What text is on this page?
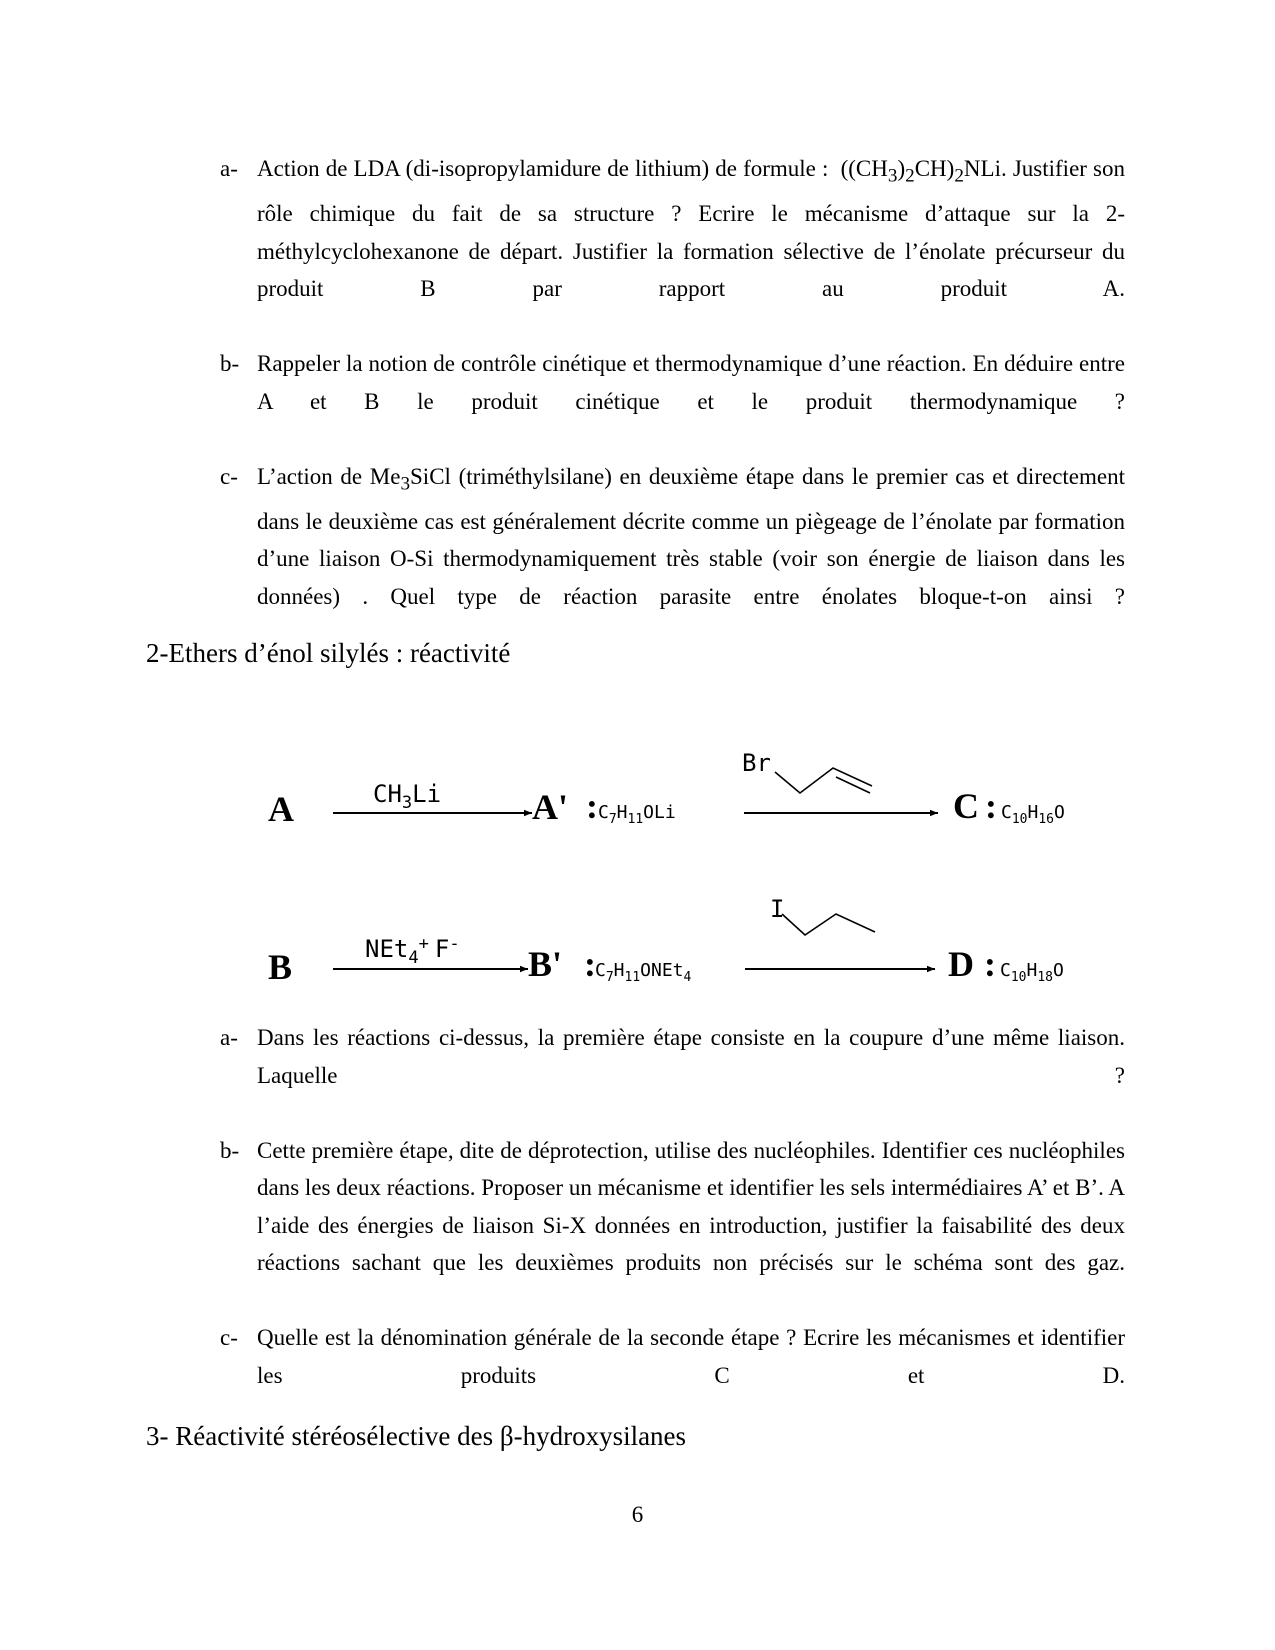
a- Action de LDA (di-isopropylamidure de lithium) de formule :  $((CH_3)_2CH)_2NLi$. Justifier son rôle chimique du fait de sa structure ? Ecrire le mécanisme d’attaque sur la 2-méthylcyclohexanone de départ. Justifier la formation sélective de l’énolate précurseur du produit B par rapport au produit A.
b- Rappeler la notion de contrôle cinétique et thermodynamique d’une réaction. En déduire entre A et B le produit cinétique et le produit thermodynamique ?
c- L’action de $Me_3SiCl$ (triméthylsilane) en deuxième étape dans le premier cas et directement dans le deuxième cas est généralement décrite comme un piègeage de l’énolate par formation d’une liaison O-Si thermodynamiquement très stable (voir son énergie de liaison dans les données) . Quel type de réaction parasite entre énolates bloque-t-on ainsi ?
2-Ethers d’énol silylés : réactivité
A	$CH_3Li$	A' : $C_7H_{11}OLi$
Br
C : $C_{10}H_{16}O$
B	NEt$_4$+ F- B' : $C_7H_{11}ONEt_4$
I
D : $C_{10}H_{18}O$
a- Dans les réactions ci-dessus, la première étape consiste en la coupure d’une même liaison. Laquelle ?
b- Cette première étape, dite de déprotection, utilise des nucléophiles. Identifier ces nucléophiles dans les deux réactions. Proposer un mécanisme et identifier les sels intermédiaires A’ et B’. A l’aide des énergies de liaison Si-X données en introduction, justifier la faisabilité des deux réactions sachant que les deuxièmes produits non précisés sur le schéma sont des gaz.
c- Quelle est la dénomination générale de la seconde étape ? Ecrire les mécanismes et identifier les produits C et D.
3- Réactivité stéréosélective des β-hydroxysilanes
6
